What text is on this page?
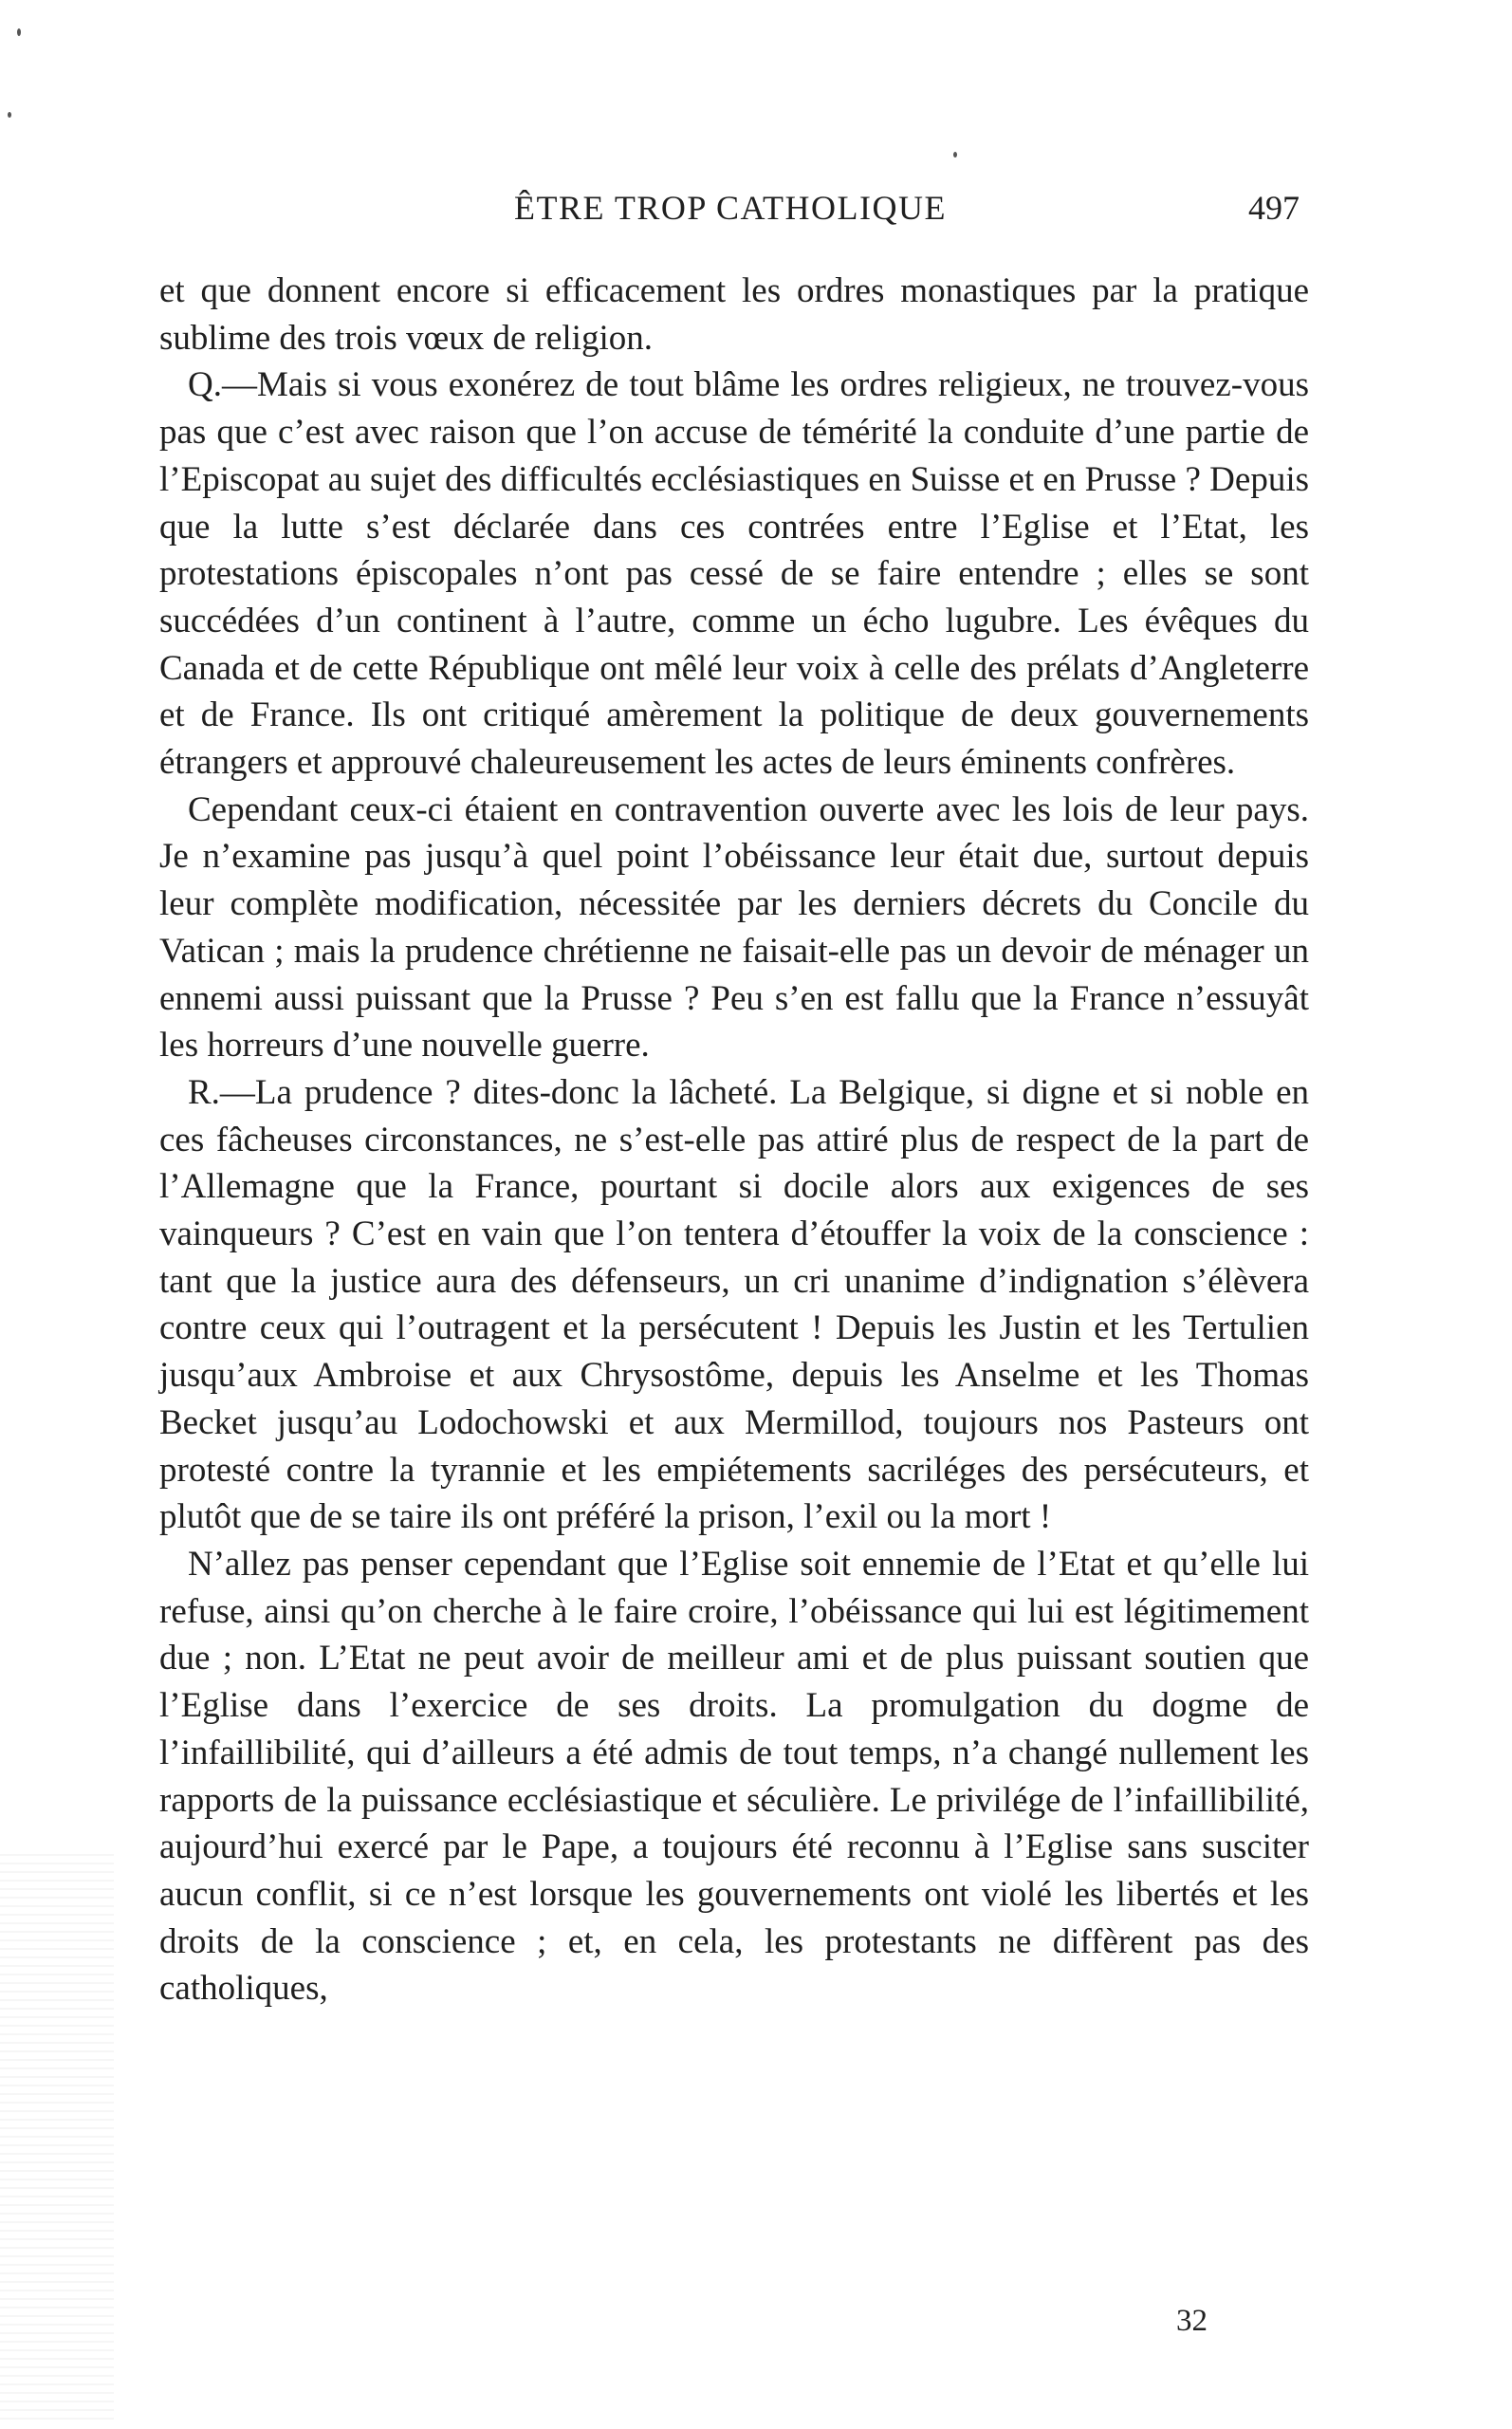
ÊTRE TROP CATHOLIQUE	497

et que donnent encore si efficacement les ordres monastiques par la pratique sublime des trois vœux de religion.

Q.—Mais si vous exonérez de tout blâme les ordres religieux, ne trouvez-vous pas que c’est avec raison que l’on accuse de témérité la conduite d’une partie de l’Episcopat au sujet des difficultés ecclésiastiques en Suisse et en Prusse ? Depuis que la lutte s’est déclarée dans ces contrées entre l’Eglise et l’Etat, les protestations épiscopales n’ont pas cessé de se faire entendre ; elles se sont succédées d’un continent à l’autre, comme un écho lugubre. Les évêques du Canada et de cette République ont mêlé leur voix à celle des prélats d’Angleterre et de France. Ils ont critiqué amèrement la politique de deux gouvernements étrangers et approuvé chaleureusement les actes de leurs éminents confrères.

Cependant ceux-ci étaient en contravention ouverte avec les lois de leur pays. Je n’examine pas jusqu’à quel point l’obéissance leur était due, surtout depuis leur complète modification, nécessitée par les derniers décrets du Concile du Vatican ; mais la prudence chrétienne ne faisait-elle pas un devoir de ménager un ennemi aussi puissant que la Prusse ? Peu s’en est fallu que la France n’essuyât les horreurs d’une nouvelle guerre.

R.—La prudence ? dites-donc la lâcheté. La Belgique, si digne et si noble en ces fâcheuses circonstances, ne s’est-elle pas attiré plus de respect de la part de l’Allemagne que la France, pourtant si docile alors aux exigences de ses vainqueurs ? C’est en vain que l’on tentera d’étouffer la voix de la conscience : tant que la justice aura des défenseurs, un cri unanime d’indignation s’élèvera contre ceux qui l’outragent et la persécutent ! Depuis les Justin et les Tertulien jusqu’aux Ambroise et aux Chrysostôme, depuis les Anselme et les Thomas Becket jusqu’au Lodochowski et aux Mermillod, toujours nos Pasteurs ont protesté contre la tyrannie et les empiétements sacriléges des persécuteurs, et plutôt que de se taire ils ont préféré la prison, l’exil ou la mort !

N’allez pas penser cependant que l’Eglise soit ennemie de l’Etat et qu’elle lui refuse, ainsi qu’on cherche à le faire croire, l’obéissance qui lui est légitimement due ; non. L’Etat ne peut avoir de meilleur ami et de plus puissant soutien que l’Eglise dans l’exercice de ses droits. La promulgation du dogme de l’infaillibilité, qui d’ailleurs a été admis de tout temps, n’a changé nullement les rapports de la puissance ecclésiastique et séculière. Le privilége de l’infaillibilité, aujourd’hui exercé par le Pape, a toujours été reconnu à l’Eglise sans susciter aucun conflit, si ce n’est lorsque les gouvernements ont violé les libertés et les droits de la conscience ; et, en cela, les protestants ne diffèrent pas des catholiques,

32
